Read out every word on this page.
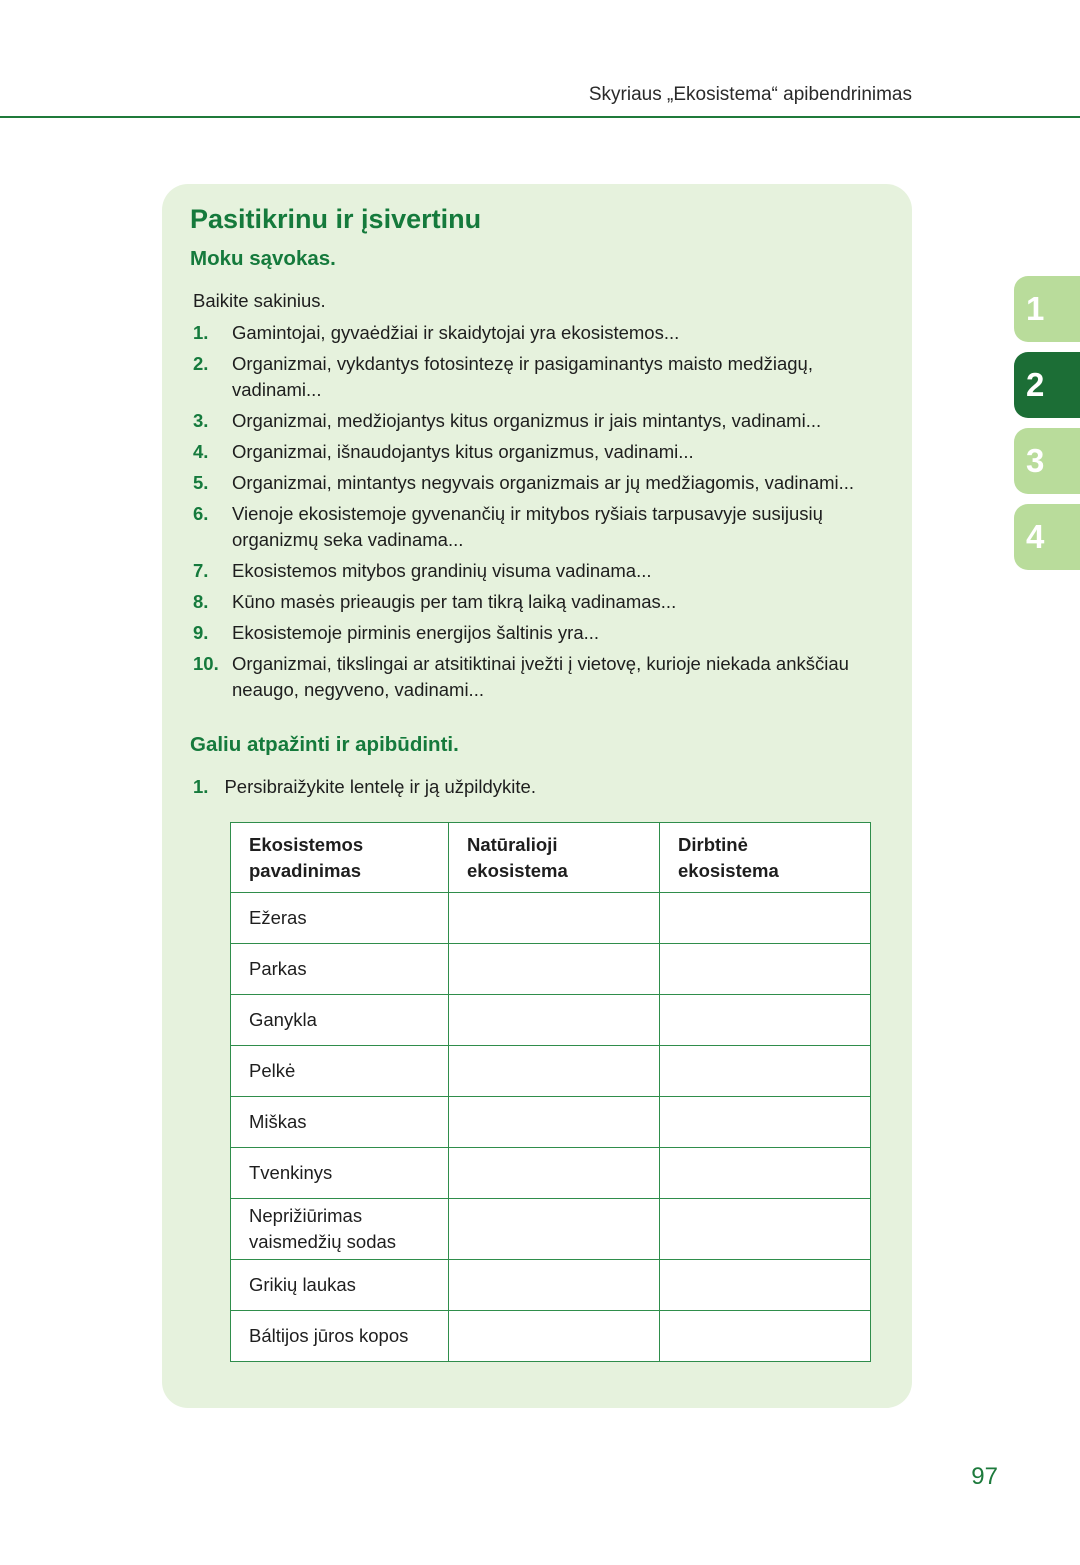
Skyriaus „Ekosistema“ apibendrinimas
Pasitikrinu ir įsivertinu
Moku sąvokas.
Baikite sakinius.
1. Gamintojai, gyvaėdžiai ir skaidytojai yra ekosistemos...
2. Organizmai, vykdantys fotosintezę ir pasigaminantys maisto medžiagų, vadinami...
3. Organizmai, medžiojantys kitus organizmus ir jais mintantys, vadinami...
4. Organizmai, išnaudojantys kitus organizmus, vadinami...
5. Organizmai, mintantys negyvais organizmais ar jų medžiagomis, vadinami...
6. Vienoje ekosistemoje gyvenančių ir mitybos ryšiais tarpusavyje susijusių organizmų seka vadinama...
7. Ekosistemos mitybos grandinių visuma vadinama...
8. Kūno masės prieaugis per tam tikrą laiką vadinamas...
9. Ekosistemoje pirminis energijos šaltinis yra...
10. Organizmai, tikslingai ar atsitiktinai įvežti į vietovę, kurioje niekada ankščiau neaugo, negyveno, vadinami...
Galiu atpažinti ir apibūdinti.
1. Persibraižykite lentelę ir ją užpildykite.
Ekosistemos pavadinimas	Natūralioji ekosistema	Dirbtinė ekosistema
Ežeras		
Parkas		
Ganykla		
Pelkė		
Miškas		
Tvenkinys		
Neprižiūrimas vaismedžių sodas		
Grikių laukas		
Báltijos jūros kopos		
1
2
3
4
97
